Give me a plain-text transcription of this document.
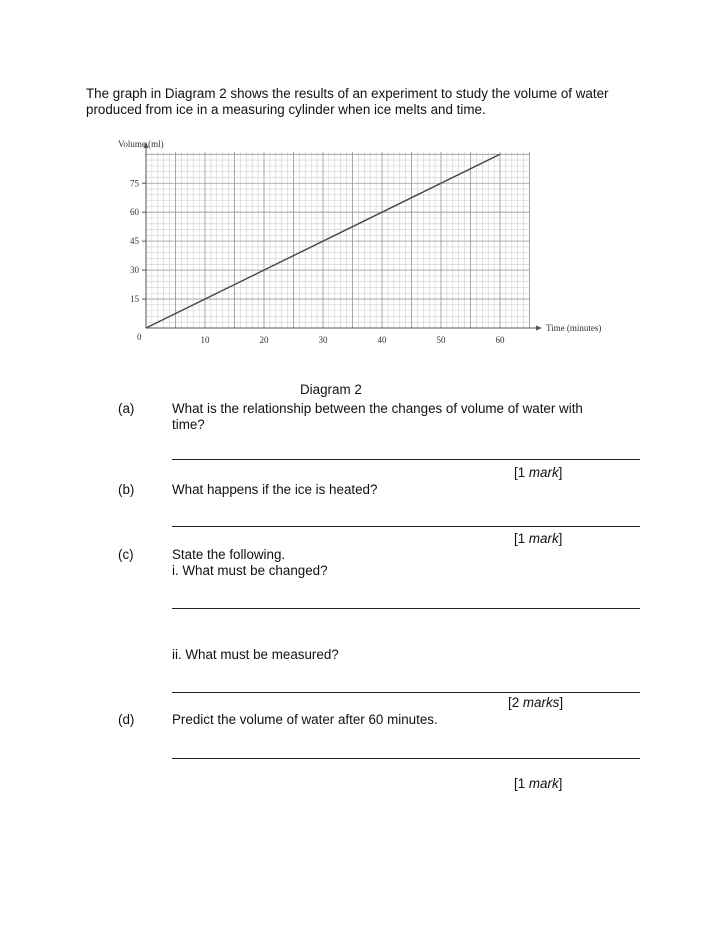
The graph in Diagram 2 shows the results of an experiment to study the volume of water produced from ice in a measuring cylinder when ice melts and time.

10	20	30	40	50	60
15
30
45
60
75
Volume (ml)
Time (minutes)
0
Diagram 2
(a)	What is the relationship between the changes of volume of water with
time?
[1 mark]
(b)	What happens if the ice is heated?
[1 mark]
(c)	State the following.
i. What must be changed?
ii. What must be measured?
[2 marks]
(d)	Predict the volume of water after 60 minutes.
[1 mark]
